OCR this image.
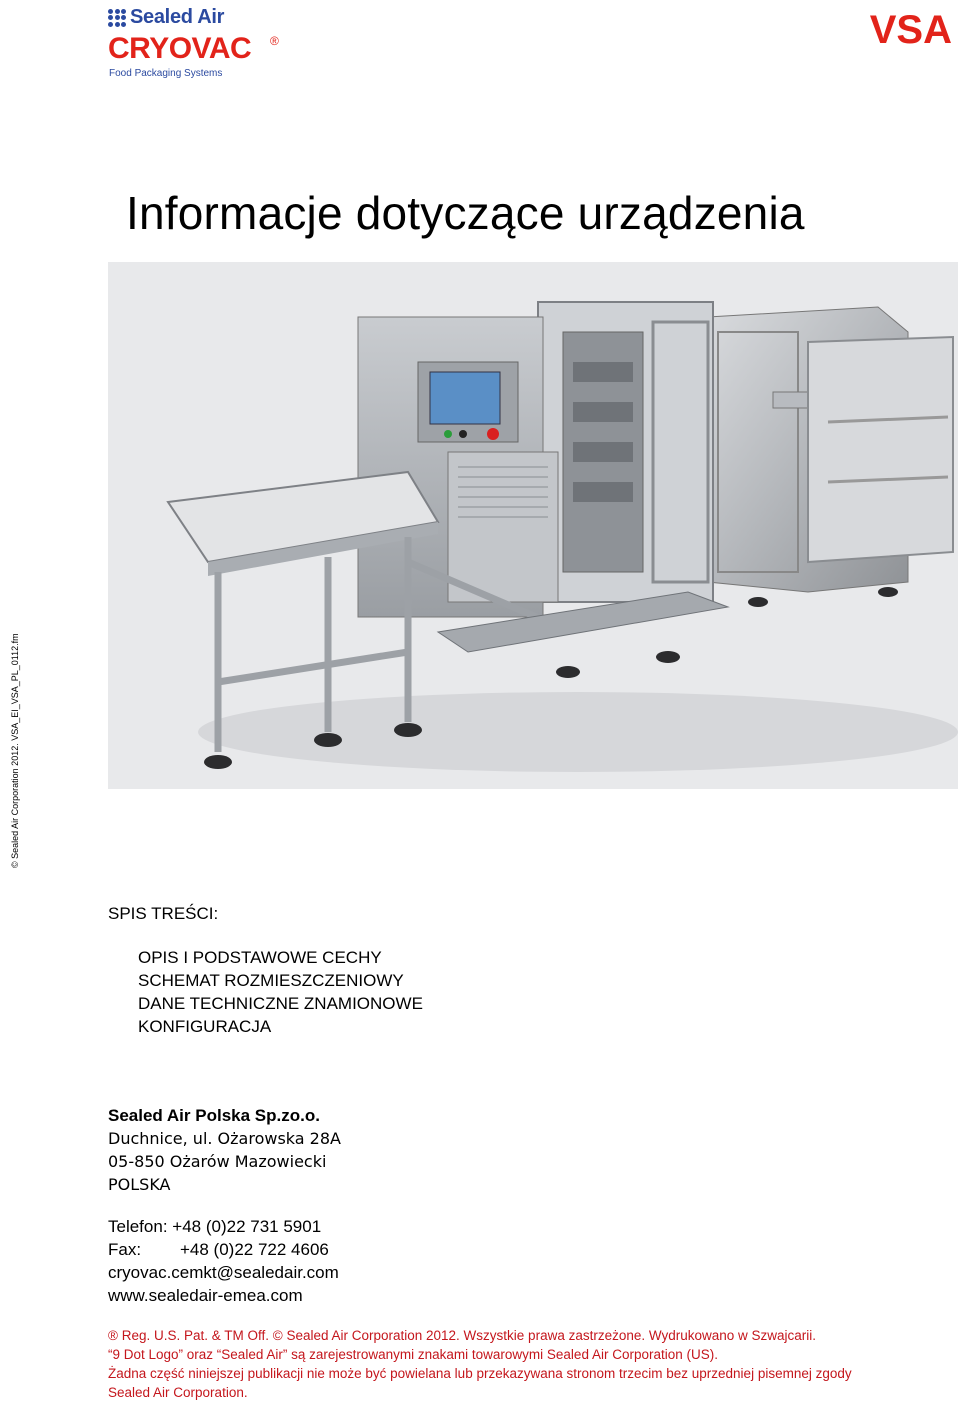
Sealed Air
CRYOVAC ®
Food Packaging Systems
VSA
© Sealed Air Corporation 2012. VSA_EI_VSA_PL_0112.fm
Informacje dotyczące urządzenia
SPIS TREŚCI:
OPIS I PODSTAWOWE CECHY
SCHEMAT ROZMIESZCZENIOWY
DANE TECHNICZNE ZNAMIONOWE
KONFIGURACJA
Sealed Air Polska Sp.zo.o.
Duchnice, ul. Ożarowska 28A
05-850 Ożarów Mazowiecki
POLSKA
Telefon: +48 (0)22 731 5901
Fax: +48 (0)22 722 4606
cryovac.cemkt@sealedair.com
www.sealedair-emea.com
® Reg. U.S. Pat. & TM Off. © Sealed Air Corporation 2012. Wszystkie prawa zastrzeżone. Wydrukowano w Szwajcarii.
“9 Dot Logo” oraz “Sealed Air” są zarejestrowanymi znakami towarowymi Sealed Air Corporation (US).
Żadna część niniejszej publikacji nie może być powielana lub przekazywana stronom trzecim bez uprzedniej pisemnej zgody
Sealed Air Corporation.
